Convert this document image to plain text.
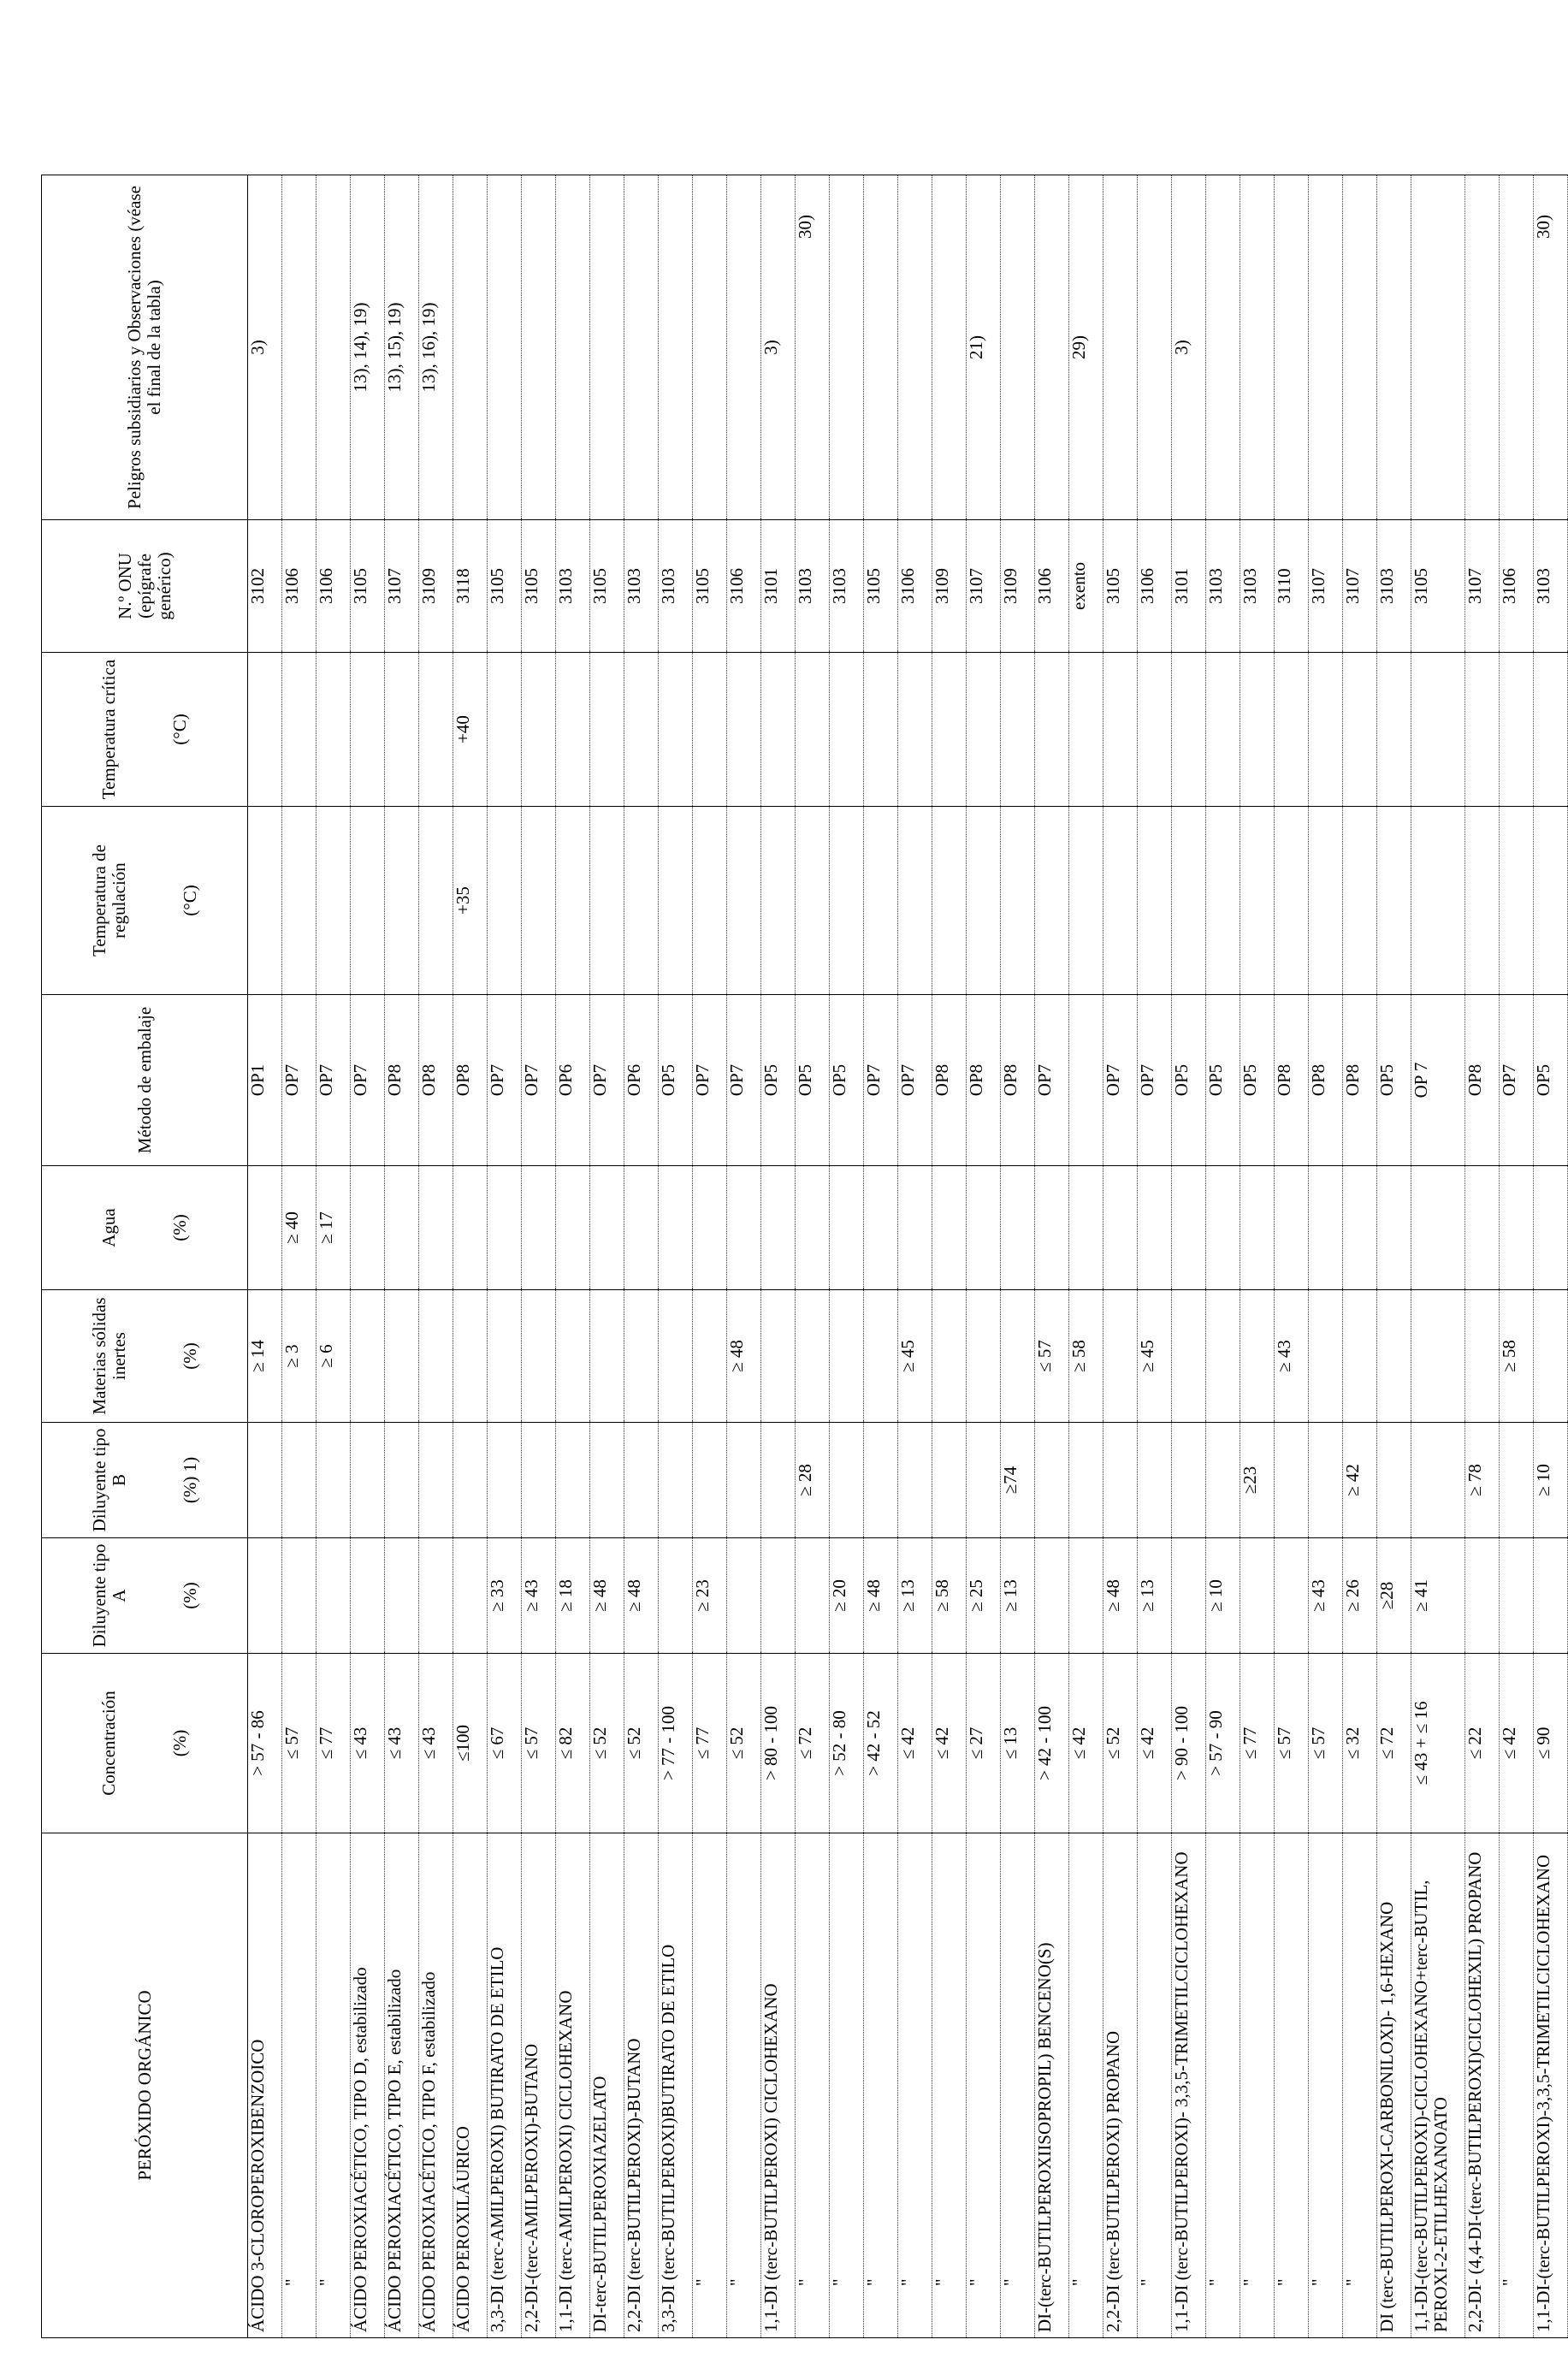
PERÓXIDO ORGÁNICO	Concentración (%)	Diluyente tipo A (%)	Diluyente tipo B (%) 1)	Materias sólidas inertes (%)	Agua (%)	Método de embalaje	Temperatura de regulación (°C)	Temperatura crítica (°C)	N.º ONU (epígrafe genérico)	Peligros subsidiarios y Observaciones (véase el final de la tabla)

ÁCIDO 3-CLOROPEROXIBENZOICO	> 57 - 86			≥ 14		OP1			3102	3)
"	≤ 57			≥ 3	≥ 40	OP7			3106	
"	≤ 77			≥ 6	≥ 17	OP7			3106	
ÁCIDO PEROXIACÉTICO, TIPO D, estabilizado	≤ 43					OP7			3105	13), 14), 19)
ÁCIDO PEROXIACÉTICO, TIPO E, estabilizado	≤ 43					OP8			3107	13), 15), 19)
ÁCIDO PEROXIACÉTICO, TIPO F, estabilizado	≤ 43					OP8			3109	13), 16), 19)
ÁCIDO PEROXILÁURICO	≤100					OP8	+35	+40	3118	
3,3-DI (terc-AMILPEROXI) BUTIRATO DE ETILO	≤ 67	≥ 33				OP7			3105	
2,2-DI-(terc-AMILPEROXI)-BUTANO	≤ 57	≥ 43				OP7			3105	
1,1-DI (terc-AMILPEROXI) CICLOHEXANO	≤ 82	≥ 18				OP6			3103	
DI-terc-BUTILPEROXIAZELATO	≤ 52	≥ 48				OP7			3105	
2,2-DI (terc-BUTILPEROXI)-BUTANO	≤ 52	≥ 48				OP6			3103	
3,3-DI (terc-BUTILPEROXI)BUTIRATO DE ETILO	> 77 - 100					OP5			3103	
"	≤ 77	≥ 23				OP7			3105	
"	≤ 52			≥ 48		OP7			3106	
1,1-DI (terc-BUTILPEROXI) CICLOHEXANO	> 80 - 100					OP5			3101	3)
"	≤ 72		≥ 28			OP5			3103	30)

"	> 52 - 80	≥ 20				OP5			3103	
"	> 42 - 52	≥ 48				OP7			3105	
"	≤ 42	≥ 13		≥ 45		OP7			3106	
"	≤ 42	≥ 58				OP8			3109	
"	≤ 27	≥ 25				OP8			3107	21)
"	≤ 13	≥ 13	≥74			OP8			3109	
DI-(terc-BUTILPEROXIISOPROPIL) BENCENO(S)	> 42 - 100			≤ 57		OP7			3106	
"	≤ 42			≥ 58					exento	29)
2,2-DI (terc-BUTILPEROXI) PROPANO	≤ 52	≥ 48				OP7			3105	
"	≤ 42	≥ 13		≥ 45		OP7			3106	
1,1-DI (terc-BUTILPEROXI)- 3,3,5-TRIMETILCICLOHEXANO	> 90 - 100					OP5			3101	3)
"	> 57 - 90	≥ 10				OP5			3103	
"	≤ 77		≥23			OP5			3103	
"	≤ 57			≥ 43		OP8			3110	
"	≤ 57	≥ 43				OP8			3107	
"	≤ 32	≥ 26	≥ 42			OP8			3107	
DI (terc-BUTILPEROXI-CARBONILOXI)- 1,6-HEXANO	≤ 72	≥28				OP5			3103	
1,1-DI-(terc-BUTILPEROXI)-CICLOHEXANO+terc-BUTIL, PEROXI-2-ETILHEXANOATO	≤ 43 + ≤ 16	≥ 41				OP 7			3105	
2,2-DI- (4,4-DI-(terc-BUTILPEROXI)CICLOHEXIL) PROPANO	≤ 22		≥ 78			OP8			3107	
"	≤ 42			≥ 58		OP7			3106	
1,1-DI-(terc-BUTILPEROXI)-3,3,5-TRIMETILCICLOHEXANO	≤ 90		≥ 10			OP5			3103	30)
